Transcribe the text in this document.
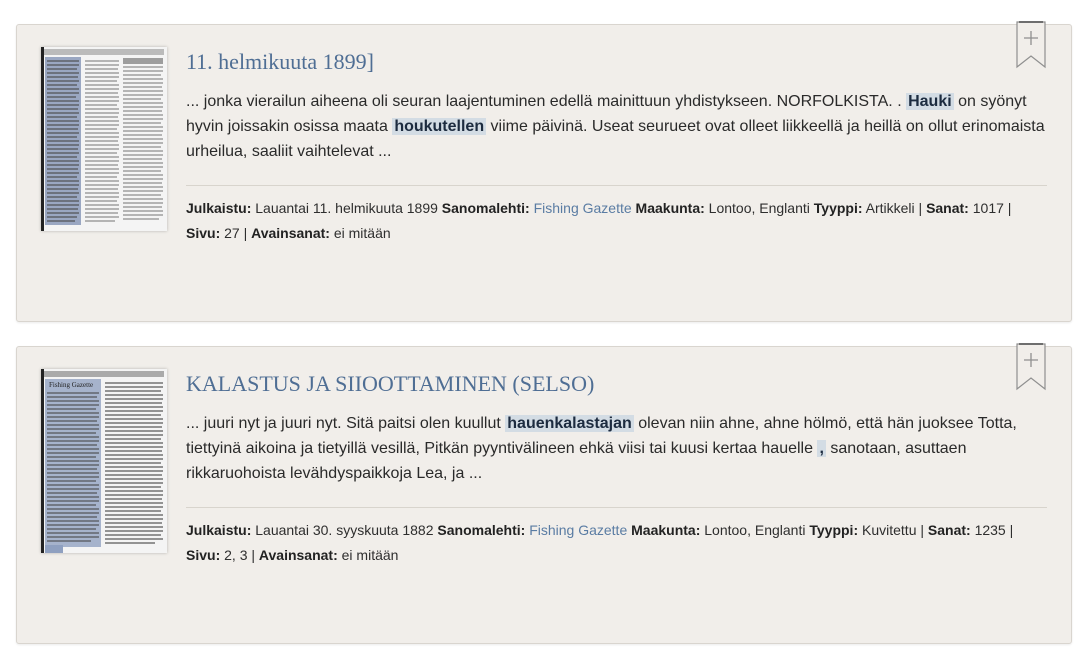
11. helmikuuta 1899]
... jonka vierailun aiheena oli seuran laajentuminen edellä mainittuun yhdistykseen. NORFOLKISTA. . Hauki on syönyt hyvin joissakin osissa maata houkutellen viime päivinä. Useat seurueet ovat olleet liikkeellä ja heillä on ollut erinomaista urheilua, saaliit vaihtelevat ...
Julkaistu: Lauantai 11. helmikuuta 1899 Sanomalehti: Fishing Gazette Maakunta: Lontoo, Englanti Tyyppi: Artikkeli | Sanat: 1017 | Sivu: 27 | Avainsanat: ei mitään
Fishing Gazette	KALASTUS JA SIIOOTTAMINEN (SELSO)
... juuri nyt ja juuri nyt. Sitä paitsi olen kuullut hauenkalastajan olevan niin ahne, ahne hölmö, että hän juoksee Totta, tiettyinä aikoina ja tietyillä vesillä, Pitkän pyyntivälineen ehkä viisi tai kuusi kertaa hauelle , sanotaan, asuttaen rikkaruohoista levähdyspaikkoja Lea, ja ...
Julkaistu: Lauantai 30. syyskuuta 1882 Sanomalehti: Fishing Gazette Maakunta: Lontoo, Englanti Tyyppi: Kuvitettu | Sanat: 1235 | Sivu: 2, 3 | Avainsanat: ei mitään
